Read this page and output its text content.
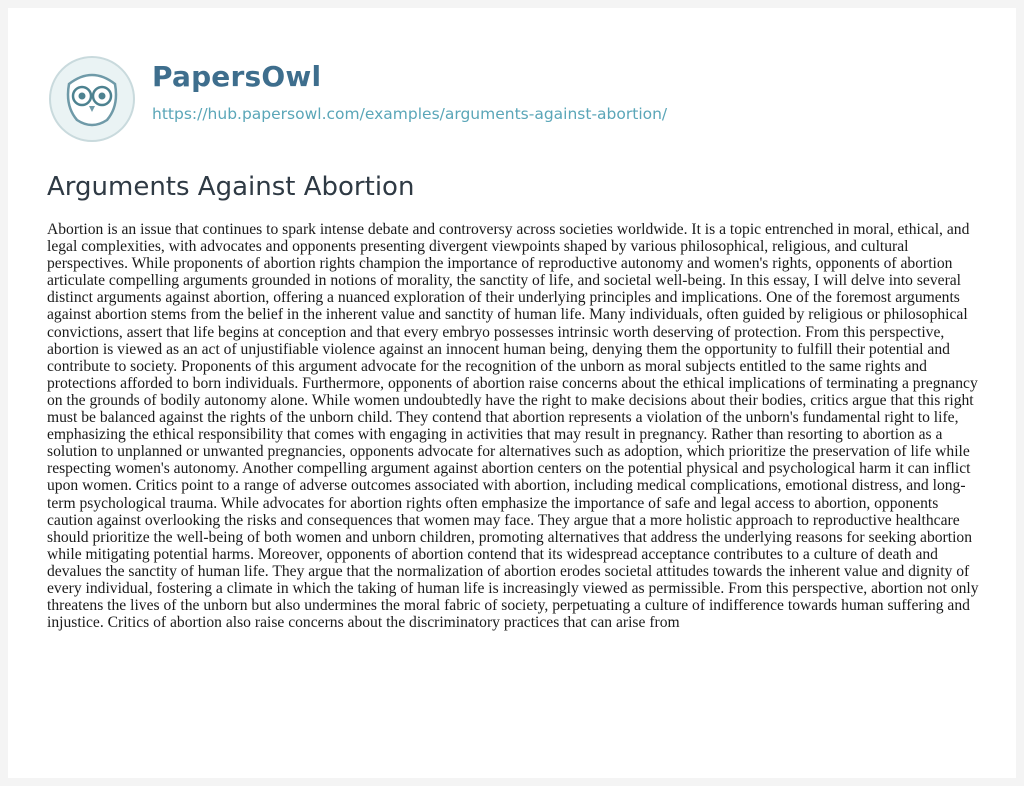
PapersOwl
https://hub.papersowl.com/examples/arguments-against-abortion/
Arguments Against Abortion

Abortion is an issue that continues to spark intense debate and controversy across societies worldwide. It is a topic entrenched in moral, ethical, and legal complexities, with advocates and opponents presenting divergent viewpoints shaped by various philosophical, religious, and cultural perspectives. While proponents of abortion rights champion the importance of reproductive autonomy and women's rights, opponents of abortion articulate compelling arguments grounded in notions of morality, the sanctity of life, and societal well-being. In this essay, I will delve into several distinct arguments against abortion, offering a nuanced exploration of their underlying principles and implications. One of the foremost arguments against abortion stems from the belief in the inherent value and sanctity of human life. Many individuals, often guided by religious or philosophical convictions, assert that life begins at conception and that every embryo possesses intrinsic worth deserving of protection. From this perspective, abortion is viewed as an act of unjustifiable violence against an innocent human being, denying them the opportunity to fulfill their potential and contribute to society. Proponents of this argument advocate for the recognition of the unborn as moral subjects entitled to the same rights and protections afforded to born individuals. Furthermore, opponents of abortion raise concerns about the ethical implications of terminating a pregnancy on the grounds of bodily autonomy alone. While women undoubtedly have the right to make decisions about their bodies, critics argue that this right must be balanced against the rights of the unborn child. They contend that abortion represents a violation of the unborn's fundamental right to life, emphasizing the ethical responsibility that comes with engaging in activities that may result in pregnancy. Rather than resorting to abortion as a solution to unplanned or unwanted pregnancies, opponents advocate for alternatives such as adoption, which prioritize the preservation of life while respecting women's autonomy. Another compelling argument against abortion centers on the potential physical and psychological harm it can inflict upon women. Critics point to a range of adverse outcomes associated with abortion, including medical complications, emotional distress, and long-term psychological trauma. While advocates for abortion rights often emphasize the importance of safe and legal access to abortion, opponents caution against overlooking the risks and consequences that women may face. They argue that a more holistic approach to reproductive healthcare should prioritize the well-being of both women and unborn children, promoting alternatives that address the underlying reasons for seeking abortion while mitigating potential harms. Moreover, opponents of abortion contend that its widespread acceptance contributes to a culture of death and devalues the sanctity of human life. They argue that the normalization of abortion erodes societal attitudes towards the inherent value and dignity of every individual, fostering a climate in which the taking of human life is increasingly viewed as permissible. From this perspective, abortion not only threatens the lives of the unborn but also undermines the moral fabric of society, perpetuating a culture of indifference towards human suffering and injustice. Critics of abortion also raise concerns about the discriminatory practices that can arise from
